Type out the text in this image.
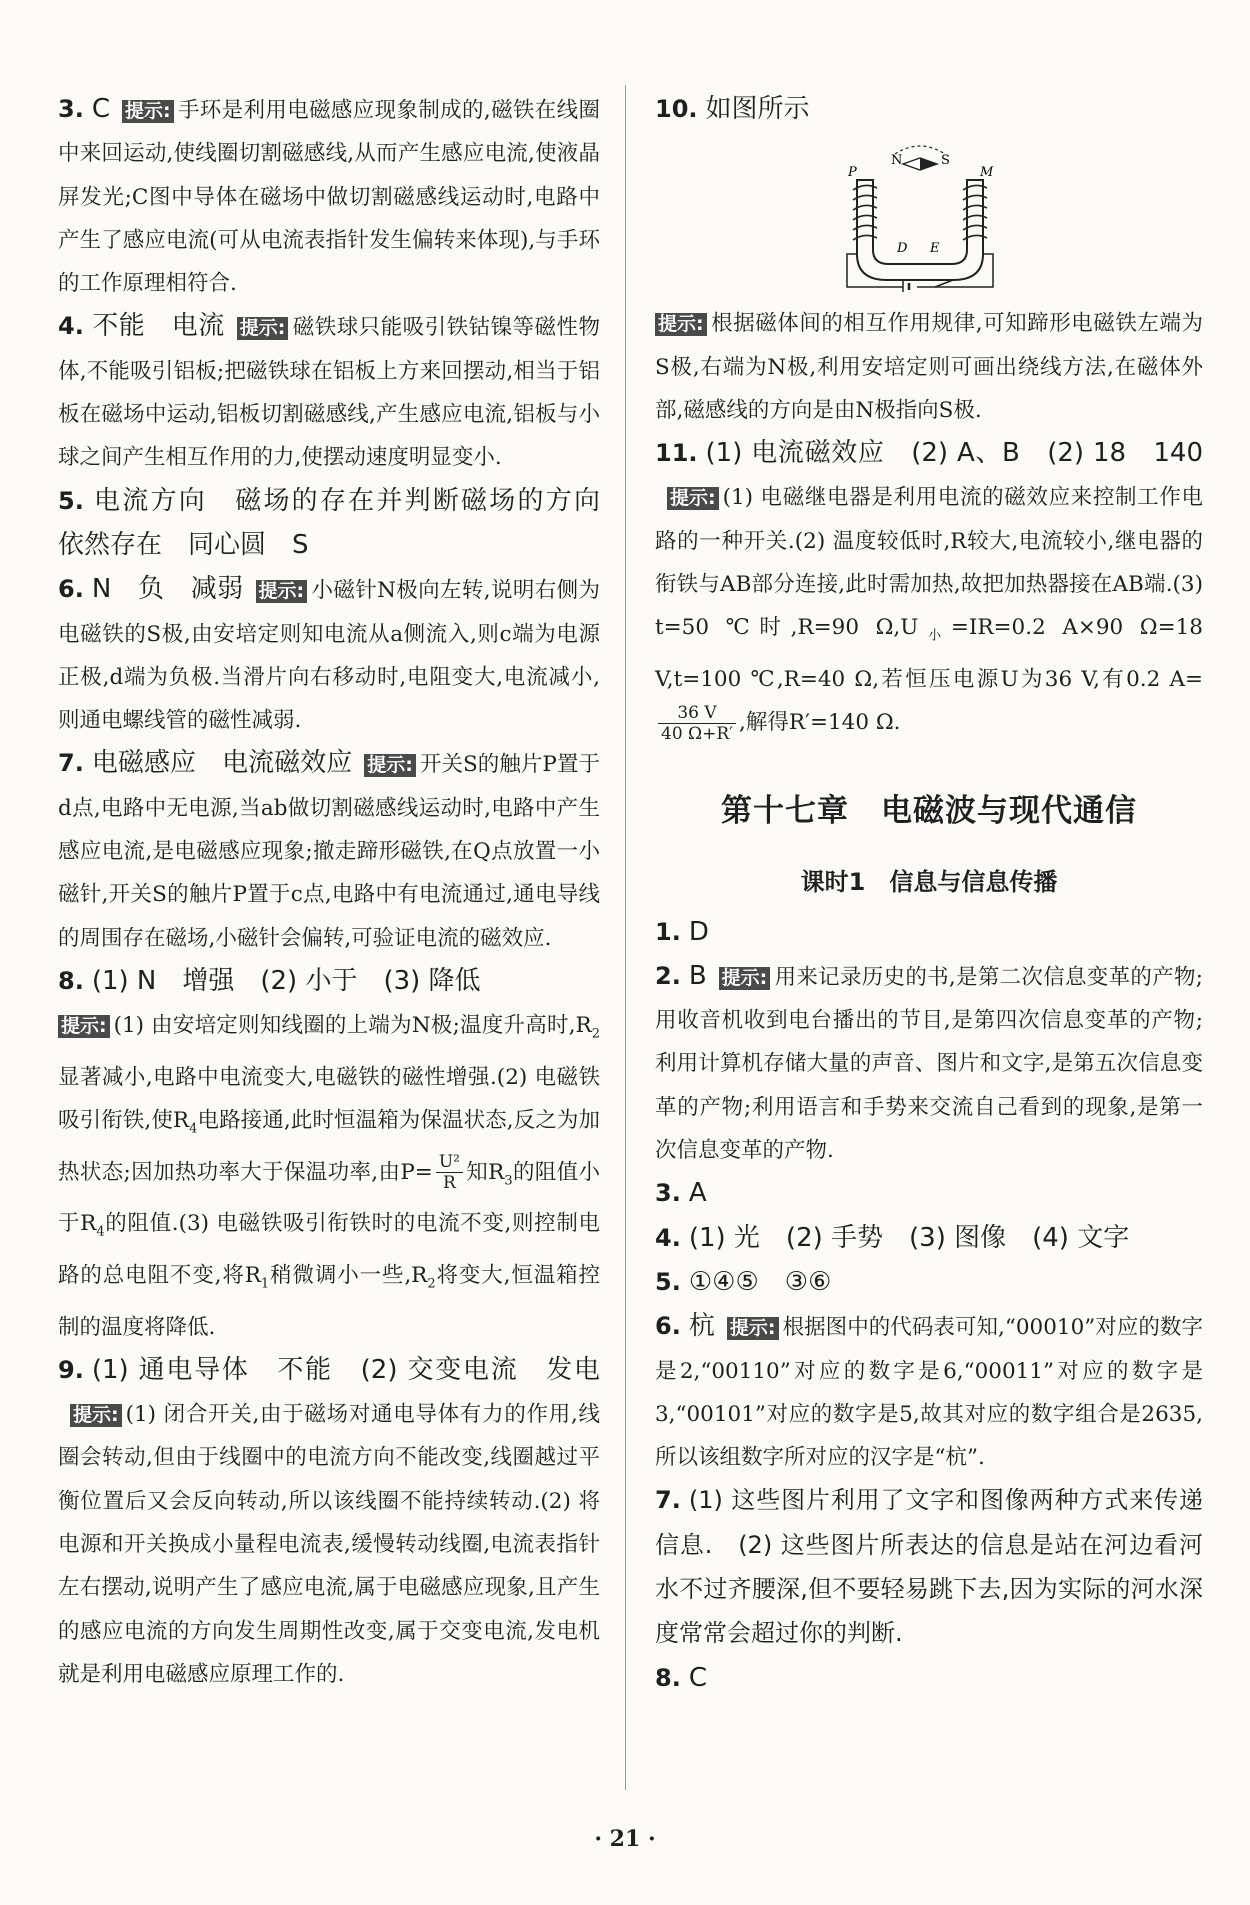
3. C 提示: 手环是利用电磁感应现象制成的,磁铁在线圈中来回运动,使线圈切割磁感线,从而产生感应电流,使液晶屏发光;C图中导体在磁场中做切割磁感线运动时,电路中产生了感应电流(可从电流表指针发生偏转来体现),与手环的工作原理相符合.
4. 不能　电流 提示: 磁铁球只能吸引铁钴镍等磁性物体,不能吸引铝板;把磁铁球在铝板上方来回摆动,相当于铝板在磁场中运动,铝板切割磁感线,产生感应电流,铝板与小球之间产生相互作用的力,使摆动速度明显变小.
5. 电流方向　磁场的存在并判断磁场的方向　依然存在　同心圆　S
6. N　负　减弱 提示: 小磁针N极向左转,说明右侧为电磁铁的S极,由安培定则知电流从a侧流入,则c端为电源正极,d端为负极.当滑片向右移动时,电阻变大,电流减小,则通电螺线管的磁性减弱.
7. 电磁感应　电流磁效应 提示: 开关S的触片P置于d点,电路中无电源,当ab做切割磁感线运动时,电路中产生感应电流,是电磁感应现象;撤走蹄形磁铁,在Q点放置一小磁针,开关S的触片P置于c点,电路中有电流通过,通电导线的周围存在磁场,小磁针会偏转,可验证电流的磁效应.
8. (1) N　增强　(2) 小于　(3) 降低
提示: (1) 由安培定则知线圈的上端为N极;温度升高时$,R_2$显著减小,电路中电流变大,电磁铁的磁性增强.(2) 电磁铁吸引衔铁,使$R_4$电路接通,此时恒温箱为保温状态,反之为加热状态;因加热功率大于保温功率,由$P= \frac{\text{U²}}{R}$ 知$R_3$的阻值小于$R_4$的阻值.(3) 电磁铁吸引衔铁时的电流不变,则控制电路的总电阻不变,将$R_1$稍微调小一些$,R_2$将变大,恒温箱控制的温度将降低.
9. (1) 通电导体　不能　(2) 交变电流　发电提示: (1) 闭合开关,由于磁场对通电导体有力的作用,线圈会转动,但由于线圈中的电流方向不能改变,线圈越过平衡位置后又会反向转动,所以该线圈不能持续转动.(2) 将电源和开关换成小量程电流表,缓慢转动线圈,电流表指针左右摆动,说明产生了感应电流,属于电磁感应现象,且产生的感应电流的方向发生周期性改变,属于交变电流,发电机就是利用电磁感应原理工作的.
10. 如图所示
P	M
N	S
D E
提示: 根据磁体间的相互作用规律,可知蹄形电磁铁左端为S极,右端为N极,利用安培定则可画出绕线方法,在磁体外部,磁感线的方向是由N极指向S极.
11. (1) 电流磁效应　(2) A、B　(2) 18　140提示: (1) 电磁继电器是利用电流的磁效应来控制工作电路的一种开关.(2) 温度较低时,R较大,电流较小,继电器的衔铁与AB部分连接,此时需加热,故把加热器接在AB端.(3) t=50 ℃时,R=90 $\Omega,U_小=IR=0.2$ A×90 Ω=18 V,t=100 ℃,R=40 Ω,若恒压电源U为36 V,有0.2 A=
$\frac{36 V}{40 \Omega+R'}$ ,解得R′=140 Ω.
第十七章　电磁波与现代通信
课时1　信息与信息传播
1. D
2. B 提示: 用来记录历史的书,是第二次信息变革的产物;用收音机收到电台播出的节目,是第四次信息变革的产物;利用计算机存储大量的声音、图片和文字,是第五次信息变革的产物;利用语言和手势来交流自己看到的现象,是第一次信息变革的产物.
3. A
4. (1) 光　(2) 手势　(3) 图像　(4) 文字
5. ①④⑤　③⑥
6. 杭 提示: 根据图中的代码表可知,“00010”对应的数字是2,“00110”对应的数字是6,“00011”对应的数字是3,“00101”对应的数字是5,故其对应的数字组合是2635,所以该组数字所对应的汉字是“杭”.
7. (1) 这些图片利用了文字和图像两种方式来传递信息.　(2) 这些图片所表达的信息是站在河边看河水不过齐腰深,但不要轻易跳下去,因为实际的河水深度常常会超过你的判断.
8. C
· 21 ·
